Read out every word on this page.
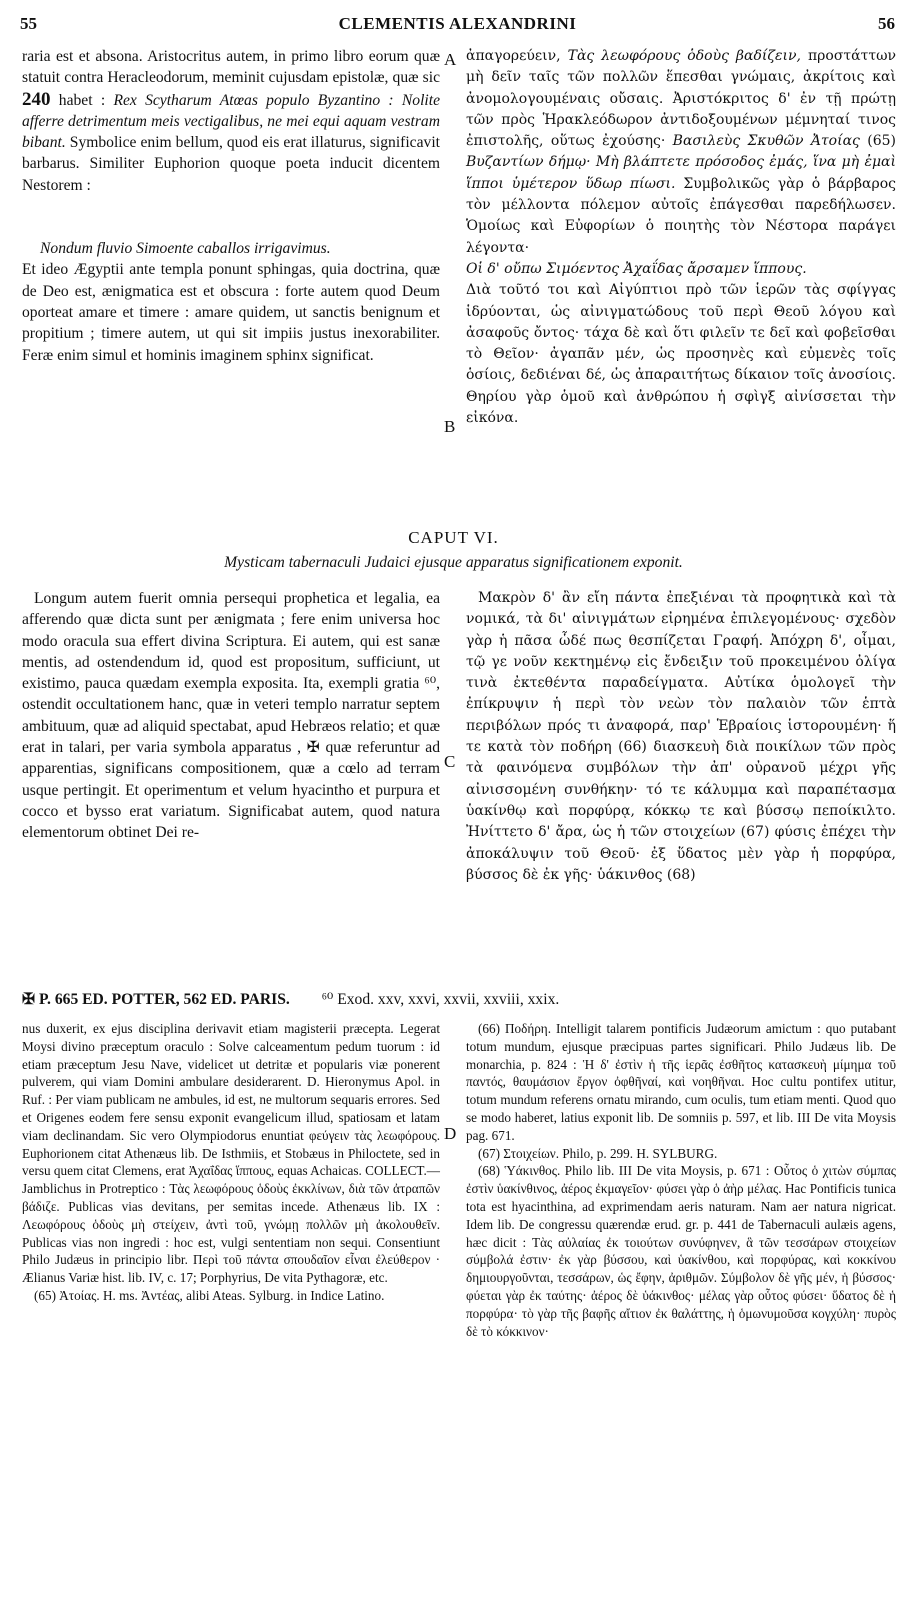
55	CLEMENTIS ALEXANDRINI	56
A
B
C
D

raria est et absona. Aristocritus autem, in primo libro eorum quæ statuit contra Heracleodorum, meminit cujusdam epistolæ, quæ sic 240 habet : Rex Scytharum Atœas populo Byzantino : Nolite afferre detrimentum meis vectigalibus, ne mei equi aquam vestram bibant. Symbolice enim bellum, quod eis erat illaturus, significavit barbarus. Similiter Euphorion quoque poeta inducit dicentem Nestorem :

Nondum fluvio Simoente caballos irrigavimus.

Et ideo Ægyptii ante templa ponunt sphingas, quia doctrina, quæ de Deo est, ænigmatica est et obscura : forte autem quod Deum oporteat amare et timere : amare quidem, ut sanctis benignum et propitium ; timere autem, ut qui sit impiis justus inexorabiliter. Feræ enim simul et hominis imaginem sphinx significat.

ἀπαγορεύειν, Τὰς λεωφόρους ὁδοὺς βαδίζειν, προστάττων μὴ δεῖν ταῖς τῶν πολλῶν ἕπεσθαι γνώμαις, ἀκρίτοις καὶ ἀνομολογουμέναις οὔσαις. Ἀριστόκριτος δ' ἐν τῇ πρώτῃ τῶν πρὸς Ἡρακλεόδωρον ἀντιδοξουμένων μέμνηταί τινος ἐπιστολῆς, οὕτως ἐχούσης· Βασιλεὺς Σκυθῶν Ἀτοίας (65) Βυζαντίων δήμῳ· Μὴ βλάπτετε πρόσοδος ἐμάς, ἵνα μὴ ἐμαὶ ἵπποι ὑμέτερον ὕδωρ πίωσι. Συμβολικῶς γὰρ ὁ βάρβαρος τὸν μέλλοντα πόλεμον αὐτοῖς ἐπάγεσθαι παρεδήλωσεν. Ὁμοίως καὶ Εὐφορίων ὁ ποιητὴς τὸν Νέστορα παράγει λέγοντα·

Οἱ δ' οὔπω Σιμόεντος Ἀχαΐδας ἄρσαμεν ἵππους.

Διὰ τοῦτό τοι καὶ Αἰγύπτιοι πρὸ τῶν ἱερῶν τὰς σφίγγας ἱδρύονται, ὡς αἰνιγματώδους τοῦ περὶ Θεοῦ λόγου καὶ ἀσαφοῦς ὄντος· τάχα δὲ καὶ ὅτι φιλεῖν τε δεῖ καὶ φοβεῖσθαι τὸ Θεῖον· ἀγαπᾶν μέν, ὡς προσηνὲς καὶ εὐμενὲς τοῖς ὁσίοις, δεδιέναι δέ, ὡς ἀπαραιτήτως δίκαιον τοῖς ἀνοσίοις. Θηρίου γὰρ ὁμοῦ καὶ ἀνθρώπου ἡ σφὶγξ αἰνίσσεται τὴν εἰκόνα.

CAPUT VI.
Mysticam tabernaculi Judaici ejusque apparatus significationem exponit.

Longum autem fuerit omnia persequi prophetica et legalia, ea afferendo quæ dicta sunt per ænigmata ; fere enim universa hoc modo oracula sua effert divina Scriptura. Ei autem, qui est sanæ mentis, ad ostendendum id, quod est propositum, sufficiunt, ut existimo, pauca quædam exempla exposita. Ita, exempli gratia ⁶⁰, ostendit occultationem hanc, quæ in veteri templo narratur septem ambituum, quæ ad aliquid spectabat, apud Hebræos relatio; et quæ erat in talari, per varia symbola apparatus , ✠ quæ referuntur ad apparentias, significans compositionem, quæ a cœlo ad terram usque pertingit. Et operimentum et velum hyacintho et purpura et cocco et bysso erat variatum. Significabat autem, quod natura elementorum obtinet Dei re-

Μακρὸν δ' ἂν εἴη πάντα ἐπεξιέναι τὰ προφητικὰ καὶ τὰ νομικά, τὰ δι' αἰνιγμάτων εἰρημένα ἐπιλεγομένους· σχεδὸν γὰρ ἡ πᾶσα ὧδέ πως θεσπίζεται Γραφή. Ἀπόχρη δ', οἶμαι, τῷ γε νοῦν κεκτημένῳ εἰς ἔνδειξιν τοῦ προκειμένου ὀλίγα τινὰ ἐκτεθέντα παραδείγματα. Αὐτίκα ὁμολογεῖ τὴν ἐπίκρυψιν ἡ περὶ τὸν νεὼν τὸν παλαιὸν τῶν ἑπτὰ περιβόλων πρός τι ἀναφορά, παρ' Ἑβραίοις ἱστορουμένη· ἥ τε κατὰ τὸν ποδήρη (66) διασκευὴ διὰ ποικίλων τῶν πρὸς τὰ φαινόμενα συμβόλων τὴν ἀπ' οὐρανοῦ μέχρι γῆς αἰνισσομένη συνθήκην· τό τε κάλυμμα καὶ παραπέτασμα ὑακίνθῳ καὶ πορφύρᾳ, κόκκῳ τε καὶ βύσσῳ πεποίκιλτο. Ἠνίττετο δ' ἄρα, ὡς ἡ τῶν στοιχείων (67) φύσις ἐπέχει τὴν ἀποκάλυψιν τοῦ Θεοῦ· ἐξ ὕδατος μὲν γὰρ ἡ πορφύρα, βύσσος δὲ ἐκ γῆς· ὑάκινθος (68)

✠ P. 665 ED. POTTER, 562 ED. PARIS. ⁶⁰ Exod. xxv, xxvi, xxvii, xxviii, xxix.

nus duxerit, ex ejus disciplina derivavit etiam magisterii præcepta. Legerat Moysi divino præceptum oraculo : Solve calceamentum pedum tuorum : id etiam præceptum Jesu Nave, videlicet ut detritæ et popularis viæ ponerent pulverem, qui viam Domini ambulare desiderarent. D. Hieronymus Apol. in Ruf. : Per viam publicam ne ambules, id est, ne multorum sequaris errores. Sed et Origenes eodem fere sensu exponit evangelicum illud, spatiosam et latam viam declinandam. Sic vero Olympiodorus enuntiat φεύγειν τὰς λεωφόρους. Euphorionem citat Athenæus lib. De Isthmiis, et Stobæus in Philoctete, sed in versu quem citat Clemens, erat Ἀχαΐδας ἵππους, equas Achaicas. COLLECT.—Jamblichus in Protreptico : Τὰς λεωφόρους ὁδοὺς ἐκκλίνων, διὰ τῶν ἀτραπῶν βάδιζε. Publicas vias devitans, per semitas incede. Athenæus lib. IX : Λεωφόρους ὁδοὺς μὴ στείχειν, ἀντὶ τοῦ, γνώμῃ πολλῶν μὴ ἀκολουθεῖν. Publicas vias non ingredi : hoc est, vulgi sententiam non sequi. Consentiunt Philo Judæus in principio libr. Περὶ τοῦ πάντα σπουδαῖον εἶναι ἐλεύθερον · Ælianus Variæ hist. lib. IV, c. 17; Porphyrius, De vita Pythagoræ, etc.

(65) Ἀτοίας. H. ms. Ἀντέας, alibi Ateas. Sylburg. in Indice Latino.

(66) Ποδήρη. Intelligit talarem pontificis Judæorum amictum : quo putabant totum mundum, ejusque præcipuas partes significari. Philo Judæus lib. De monarchia, p. 824 : Ἡ δ' ἐστὶν ἡ τῆς ἱερᾶς ἐσθῆτος κατασκευὴ μίμημα τοῦ παντός, θαυμάσιον ἔργον ὀφθῆναί, καὶ νοηθῆναι. Hoc cultu pontifex utitur, totum mundum referens ornatu mirando, cum oculis, tum etiam menti. Quod quo se modo haberet, latius exponit lib. De somniis p. 597, et lib. III De vita Moysis pag. 671.

(67) Στοιχείων. Philo, p. 299. H. SYLBURG.

(68) Ὑάκινθος. Philo lib. III De vita Moysis, p. 671 : Οὗτος ὁ χιτὼν σύμπας ἐστὶν ὑακίνθινος, ἀέρος ἐκμαγεῖον· φύσει γὰρ ὁ ἀὴρ μέλας. Hac Pontificis tunica tota est hyacinthina, ad exprimendam aeris naturam. Nam aer natura nigricat. Idem lib. De congressu quærendæ erud. gr. p. 441 de Tabernaculi aulæis agens, hæc dicit : Τὰς αὐλαίας ἐκ τοιούτων συνύφηνεν, ἃ τῶν τεσσάρων στοιχείων σύμβολά ἐστιν· ἐκ γὰρ βύσσου, καὶ ὑακίνθου, καὶ πορφύρας, καὶ κοκκίνου δημιουργοῦνται, τεσσάρων, ὡς ἔφην, ἀριθμῶν. Σύμβολον δὲ γῆς μέν, ἡ βύσσος· φύεται γὰρ ἐκ ταύτης· ἀέρος δὲ ὑάκινθος· μέλας γὰρ οὗτος φύσει· ὕδατος δὲ ἡ πορφύρα· τὸ γὰρ τῆς βαφῆς αἴτιον ἐκ θαλάττης, ἡ ὁμωνυμοῦσα κογχύλη· πυρὸς δὲ τὸ κόκκινον·
